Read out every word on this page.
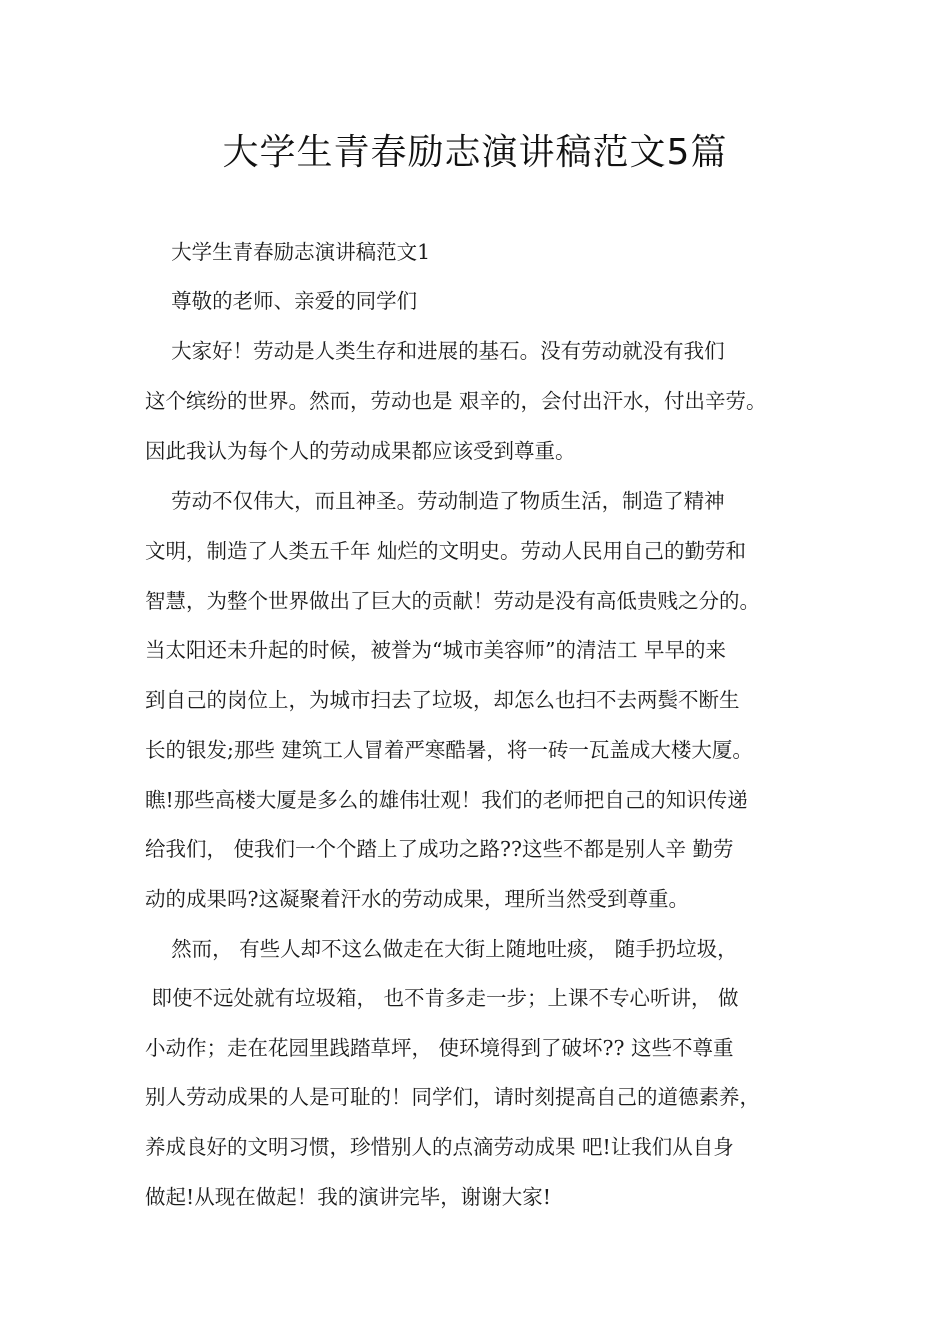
大学生青春励志演讲稿范文5篇
大学生青春励志演讲稿范文1
尊敬的老师、亲爱的同学们
大家好！劳动是人类生存和进展的基石。没有劳动就没有我们
这个缤纷的世界。然而，劳动也是 艰辛的，会付出汗水，付出辛劳。
因此我认为每个人的劳动成果都应该受到尊重。
劳动不仅伟大，而且神圣。劳动制造了物质生活，制造了精神
文明，制造了人类五千年 灿烂的文明史。劳动人民用自己的勤劳和
智慧，为整个世界做出了巨大的贡献！劳动是没有高低贵贱之分的。
当太阳还未升起的时候，被誉为“城市美容师”的清洁工 早早的来
到自己的岗位上，为城市扫去了垃圾，却怎么也扫不去两鬓不断生
长的银发;那些 建筑工人冒着严寒酷暑，将一砖一瓦盖成大楼大厦。
瞧!那些高楼大厦是多么的雄伟壮观！我们的老师把自己的知识传递
给我们， 使我们一个个踏上了成功之路??这些不都是别人辛 勤劳
动的成果吗?这凝聚着汗水的劳动成果，理所当然受到尊重。
然而， 有些人却不这么做走在大街上随地吐痰， 随手扔垃圾，
即使不远处就有垃圾箱， 也不肯多走一步；上课不专心听讲， 做
小动作；走在花园里践踏草坪， 使环境得到了破坏?? 这些不尊重
别人劳动成果的人是可耻的！同学们，请时刻提高自己的道德素养，
养成良好的文明习惯，珍惜别人的点滴劳动成果 吧!让我们从自身
做起!从现在做起！我的演讲完毕，谢谢大家!
